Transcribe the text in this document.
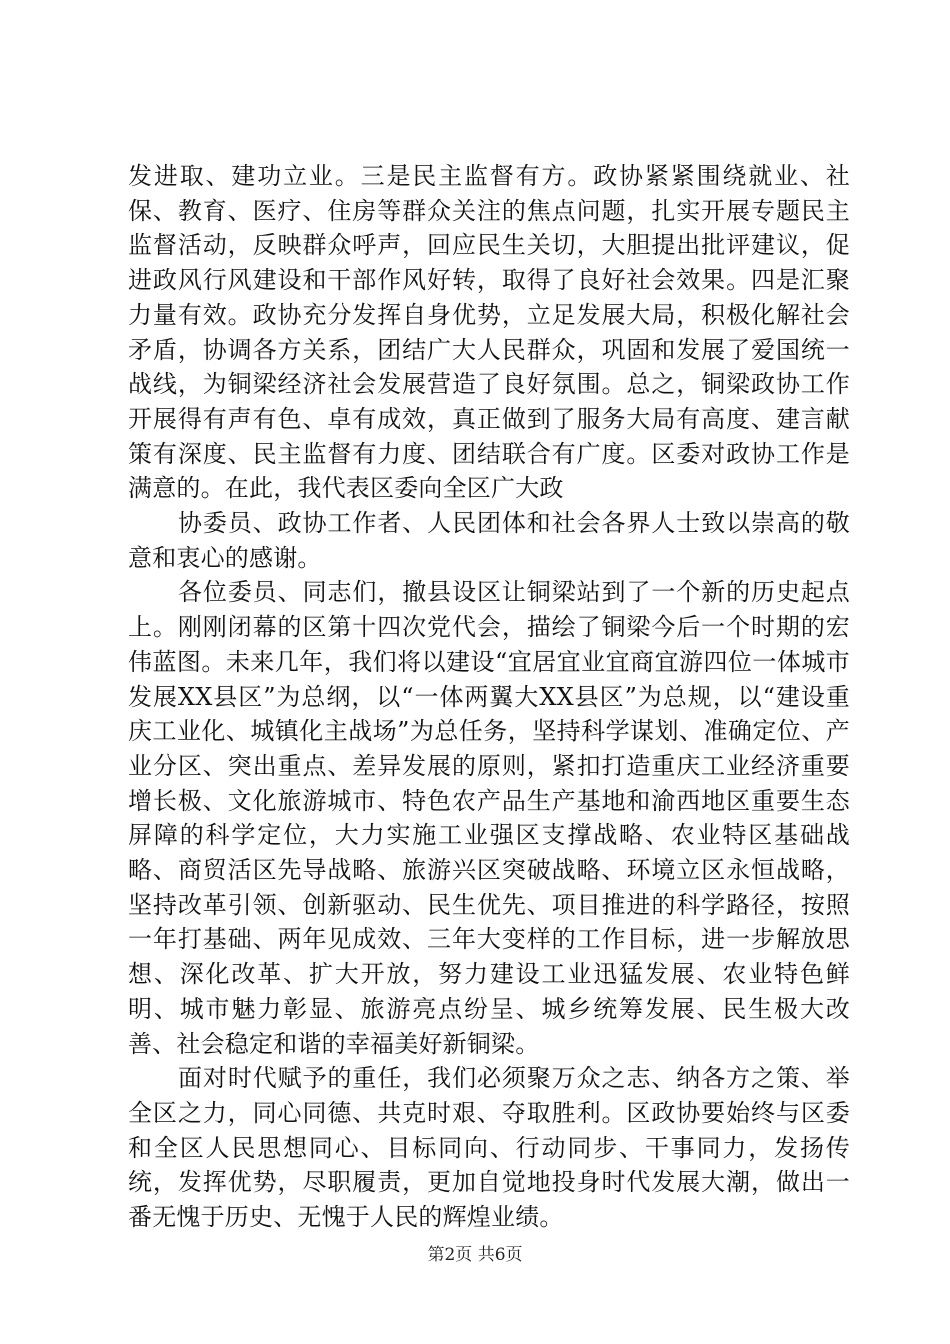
发进取、建功立业。三是民主监督有方。政协紧紧围绕就业、社保、教育、医疗、住房等群众关注的焦点问题，扎实开展专题民主监督活动，反映群众呼声，回应民生关切，大胆提出批评建议，促进政风行风建设和干部作风好转，取得了良好社会效果。四是汇聚力量有效。政协充分发挥自身优势，立足发展大局，积极化解社会矛盾，协调各方关系，团结广大人民群众，巩固和发展了爱国统一战线，为铜梁经济社会发展营造了良好氛围。总之，铜梁政协工作开展得有声有色、卓有成效，真正做到了服务大局有高度、建言献策有深度、民主监督有力度、团结联合有广度。区委对政协工作是满意的。在此，我代表区委向全区广大政

协委员、政协工作者、人民团体和社会各界人士致以崇高的敬意和衷心的感谢。

各位委员、同志们，撤县设区让铜梁站到了一个新的历史起点上。刚刚闭幕的区第十四次党代会，描绘了铜梁今后一个时期的宏伟蓝图。未来几年，我们将以建设“宜居宜业宜商宜游四位一体城市发展XX县区”为总纲，以“一体两翼大XX县区”为总规，以“建设重庆工业化、城镇化主战场”为总任务，坚持科学谋划、准确定位、产业分区、突出重点、差异发展的原则，紧扣打造重庆工业经济重要增长极、文化旅游城市、特色农产品生产基地和渝西地区重要生态屏障的科学定位，大力实施工业强区支撑战略、农业特区基础战略、商贸活区先导战略、旅游兴区突破战略、环境立区永恒战略，坚持改革引领、创新驱动、民生优先、项目推进的科学路径，按照一年打基础、两年见成效、三年大变样的工作目标，进一步解放思想、深化改革、扩大开放，努力建设工业迅猛发展、农业特色鲜明、城市魅力彰显、旅游亮点纷呈、城乡统筹发展、民生极大改善、社会稳定和谐的幸福美好新铜梁。

面对时代赋予的重任，我们必须聚万众之志、纳各方之策、举全区之力，同心同德、共克时艰、夺取胜利。区政协要始终与区委和全区人民思想同心、目标同向、行动同步、干事同力，发扬传统，发挥优势，尽职履责，更加自觉地投身时代发展大潮，做出一番无愧于历史、无愧于人民的辉煌业绩。

第2页 共6页
